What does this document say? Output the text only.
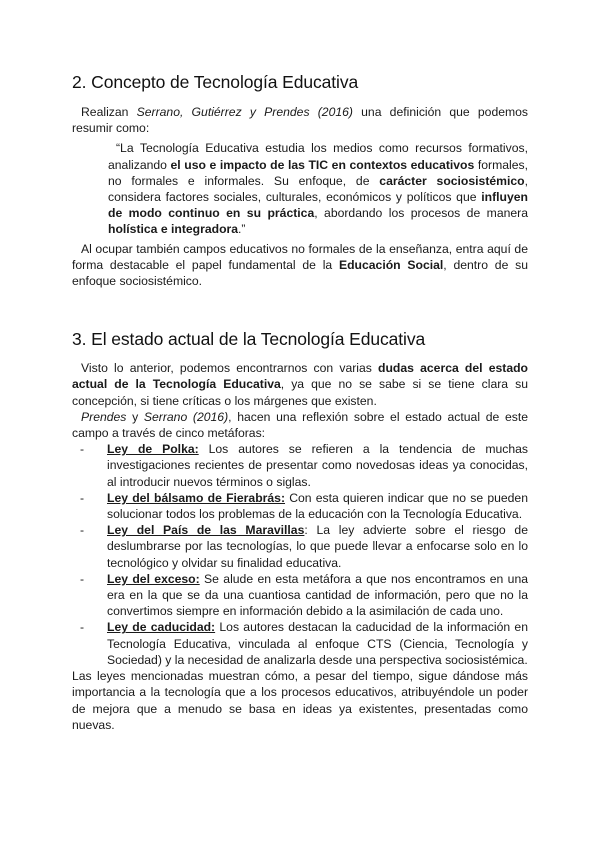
2. Concepto de Tecnología Educativa

Realizan Serrano, Gutiérrez y Prendes (2016) una definición que podemos resumir como:

“La Tecnología Educativa estudia los medios como recursos formativos, analizando el uso e impacto de las TIC en contextos educativos formales, no formales e informales. Su enfoque, de carácter sociosistémico, considera factores sociales, culturales, económicos y políticos que influyen de modo continuo en su práctica, abordando los procesos de manera holística e integradora.”

Al ocupar también campos educativos no formales de la enseñanza, entra aquí de forma destacable el papel fundamental de la Educación Social, dentro de su enfoque sociosistémico.

3. El estado actual de la Tecnología Educativa

Visto lo anterior, podemos encontrarnos con varias dudas acerca del estado actual de la Tecnología Educativa, ya que no se sabe si se tiene clara su concepción, si tiene críticas o los márgenes que existen.

Prendes y Serrano (2016), hacen una reflexión sobre el estado actual de este campo a través de cinco metáforas:

-	Ley de Polka: Los autores se refieren a la tendencia de muchas investigaciones recientes de presentar como novedosas ideas ya conocidas, al introducir nuevos términos o siglas.
-	Ley del bálsamo de Fierabrás: Con esta quieren indicar que no se pueden solucionar todos los problemas de la educación con la Tecnología Educativa.
-	Ley del País de las Maravillas: La ley advierte sobre el riesgo de deslumbrarse por las tecnologías, lo que puede llevar a enfocarse solo en lo tecnológico y olvidar su finalidad educativa.
-	Ley del exceso: Se alude en esta metáfora a que nos encontramos en una era en la que se da una cuantiosa cantidad de información, pero que no la convertimos siempre en información debido a la asimilación de cada uno.
-	Ley de caducidad: Los autores destacan la caducidad de la información en Tecnología Educativa, vinculada al enfoque CTS (Ciencia, Tecnología y Sociedad) y la necesidad de analizarla desde una perspectiva sociosistémica.

Las leyes mencionadas muestran cómo, a pesar del tiempo, sigue dándose más importancia a la tecnología que a los procesos educativos, atribuyéndole un poder de mejora que a menudo se basa en ideas ya existentes, presentadas como nuevas.
